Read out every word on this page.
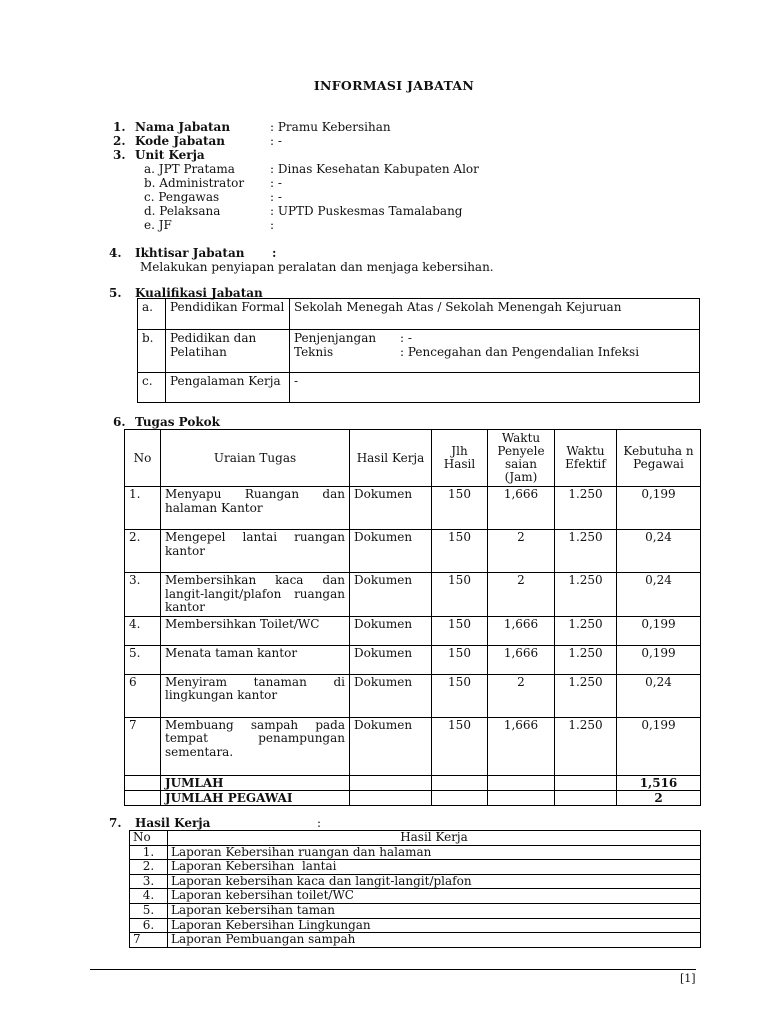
INFORMASI JABATAN
1. Nama Jabatan	: Pramu Kebersihan
2. Kode Jabatan	: -
3. Unit Kerja
a. JPT Pratama	: Dinas Kesehatan Kabupaten Alor
b. Administrator : -
c. Pengawas	: -
d. Pelaksana	: UPTD Puskesmas Tamalabang
e. JF	:
4. Ikhtisar Jabatan :
Melakukan penyiapan peralatan dan menjaga kebersihan.
5. Kualifikasi Jabatan
a.	Pendidikan Formal	Sekolah Menegah Atas / Sekolah Menengah Kejuruan
b.	Pedidikan dan Pelatihan	Penjenjangan : -
Teknis : Pencegahan dan Pengendalian Infeksi

c.	Pengalaman Kerja	-
6. Tugas Pokok
No	Uraian Tugas	Hasil Kerja	Jlh Hasil	Waktu Penyele saian (Jam)	Waktu Efektif	Kebutuha n Pegawai
1.	Menyapu Ruangan dan halaman Kantor	Dokumen	150	1,666	1.250	0,199
2.	Mengepel lantai ruangan kantor	Dokumen	150	2	1.250	0,24
3.	Membersihkan kaca dan langit-langit/plafon ruangan kantor	Dokumen	150	2	1.250	0,24
4.	Membersihkan Toilet/WC	Dokumen	150	1,666	1.250	0,199
5.	Menata taman kantor	Dokumen	150	1,666	1.250	0,199
6	Menyiram tanaman di lingkungan kantor	Dokumen	150	2	1.250	0,24
7	Membuang sampah pada tempat penampungan sementara.	Dokumen	150	1,666	1.250	0,199
	JUMLAH					1,516
	JUMLAH PEGAWAI					2
7. Hasil Kerja	:
No	Hasil Kerja
1.	Laporan Kebersihan ruangan dan halaman
2.	Laporan Kebersihan  lantai
3.	Laporan kebersihan kaca dan langit-langit/plafon
4.	Laporan kebersihan toilet/WC
5.	Laporan kebersihan taman
6.	Laporan Kebersihan Lingkungan
7	Laporan Pembuangan sampah
[1]
